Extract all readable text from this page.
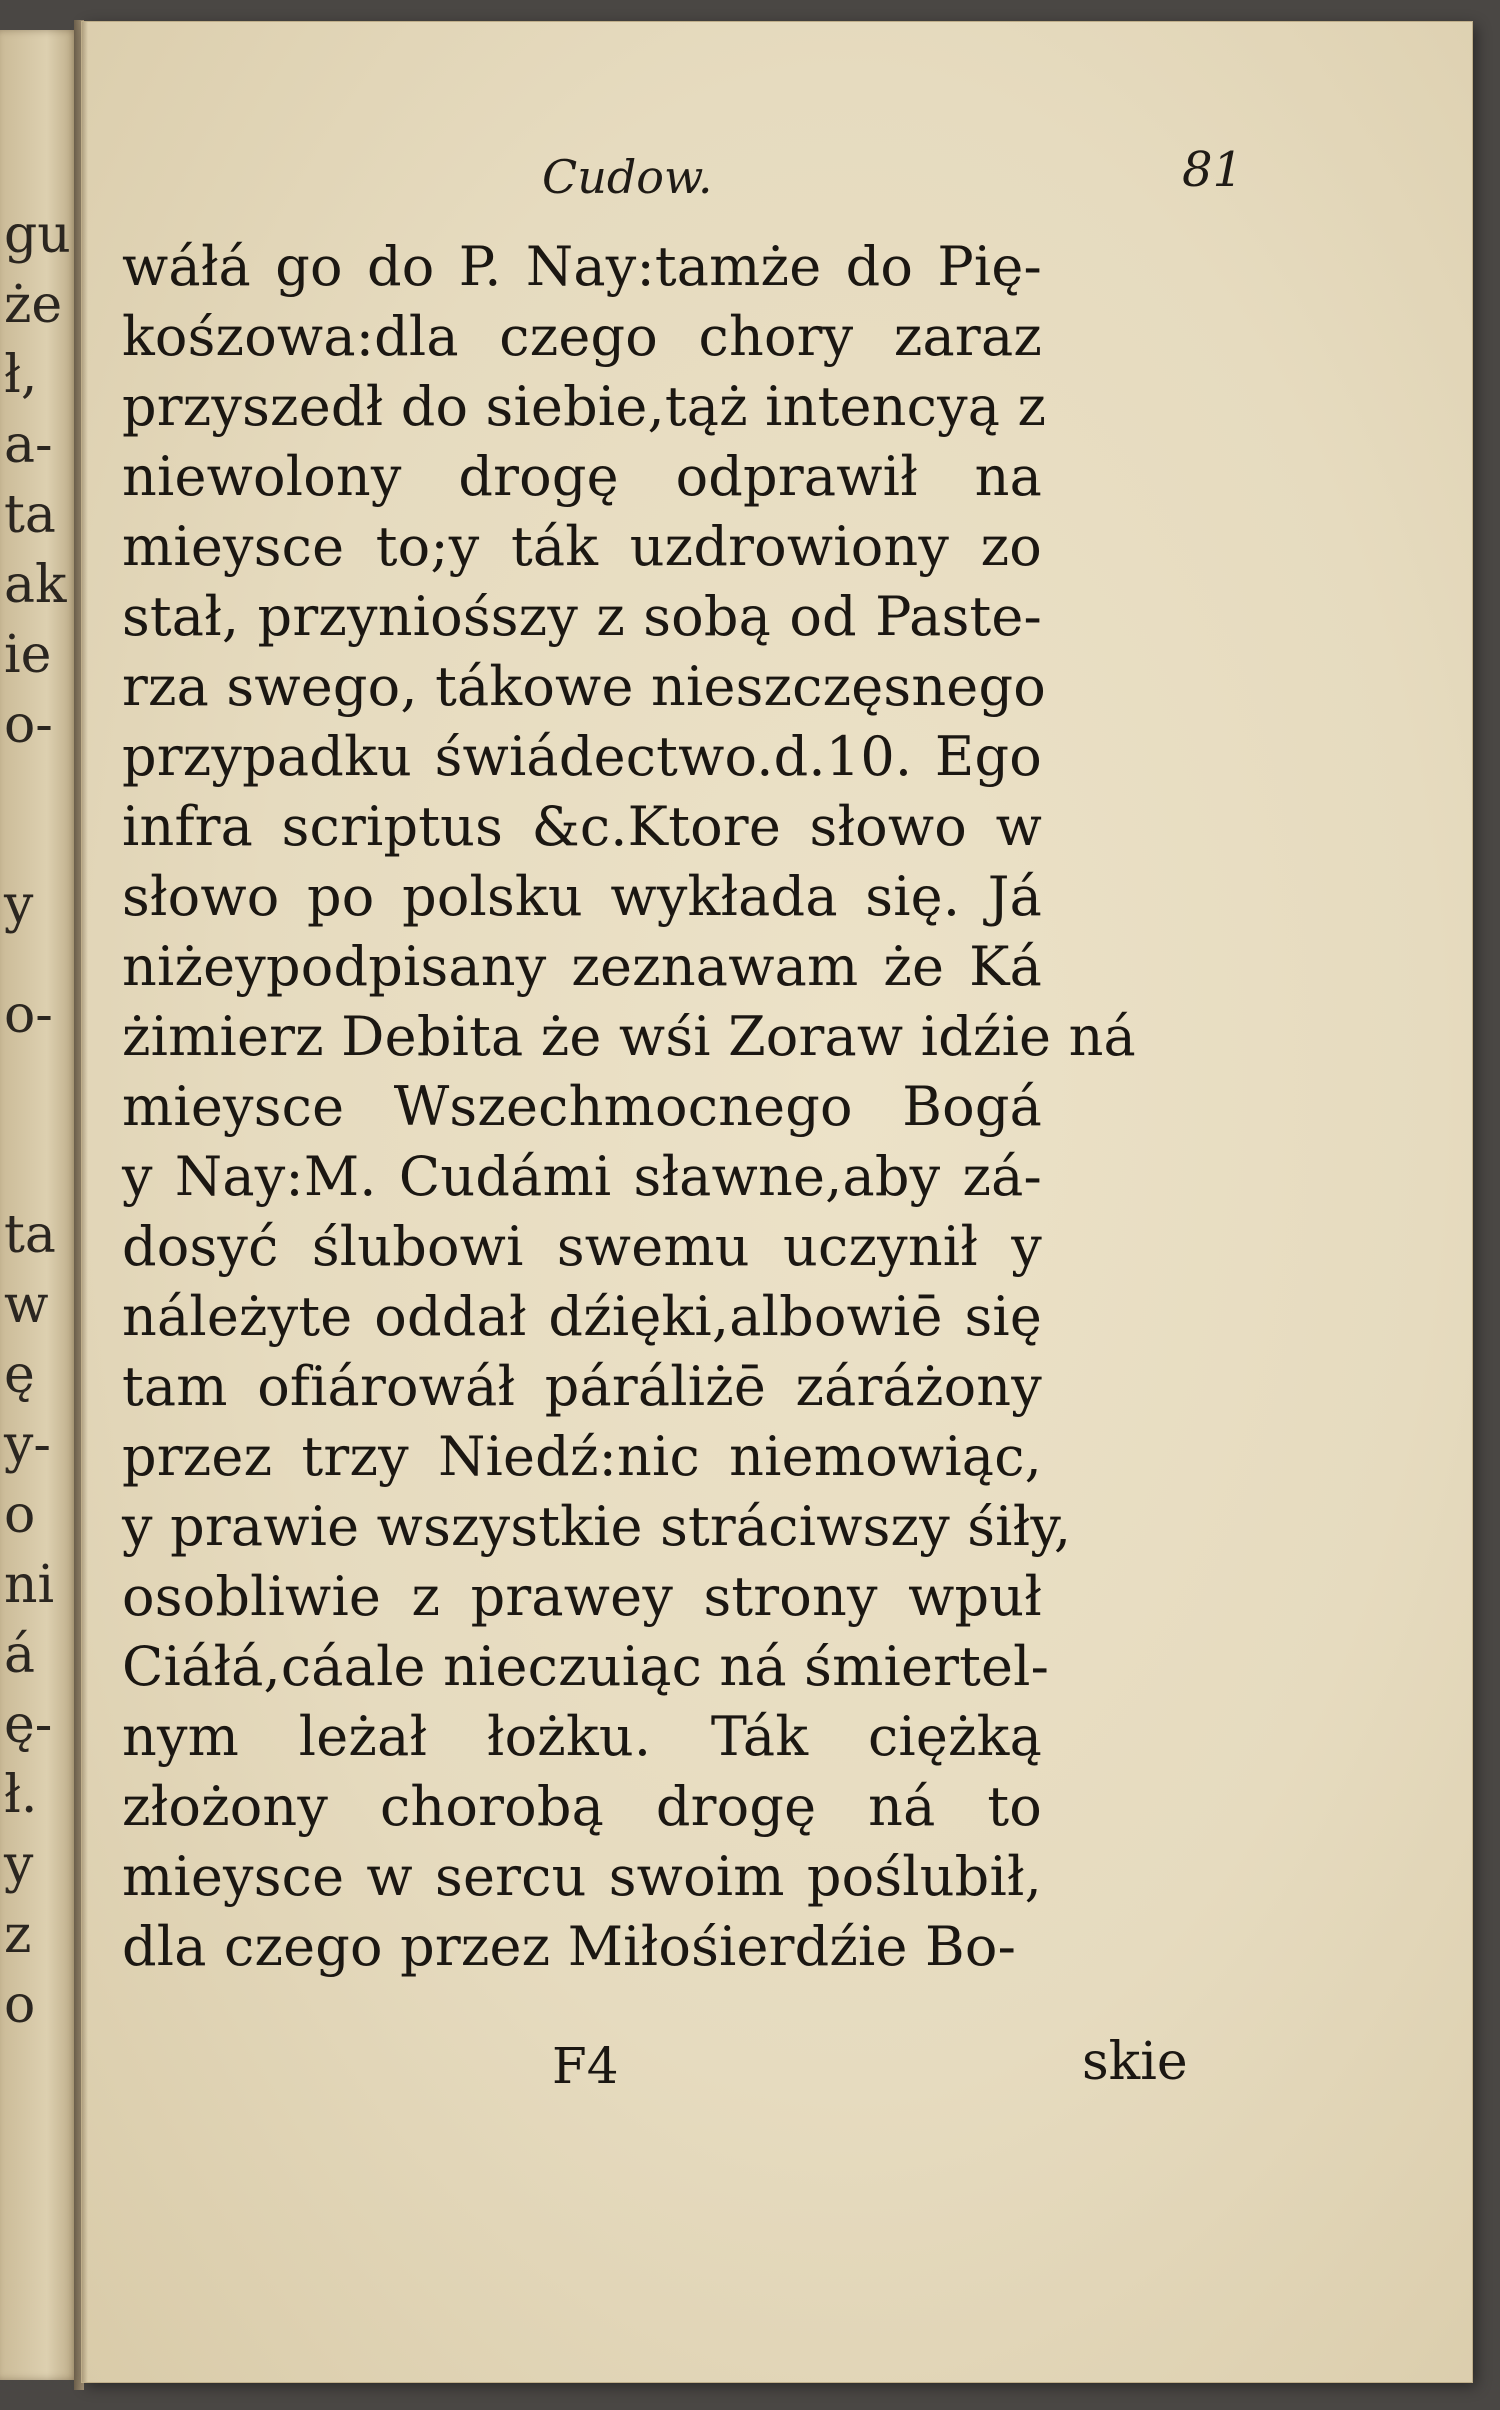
gu
że
ł,
a-
ta
ak
ie
o-
y
o-
ta
w
ę
y-
o
ni
á
ę-
ł.
y
z
o
Cudow.	81
wáłá go do P. Nay:tamże do Pię-
kośzowa:dla czego chory zaraz
przyszedł do siebie,tąż intencyą z
niewolony drogę odprawił na
mieysce to;y ták uzdrowiony zo
stał, przyniośszy z sobą od Paste-
rza swego, tákowe nieszczęsnego
przypadku świádectwo.d.10. Ego
infra scriptus &c.Ktore słowo w
słowo po polsku wykłada się. Já
niżeypodpisany zeznawam że Ká
żimierz Debita że wśi Zoraw idźie ná
mieysce Wszechmocnego Bogá
y Nay:M. Cudámi sławne,aby zá-
dosyć ślubowi swemu uczynił y
náleżyte oddał dźięki,albowiē się
tam ofiárowáł páráliżē záráżony
przez trzy Niedź:nic niemowiąc,
y prawie wszystkie stráciwszy śiły,
osobliwie z prawey strony wpuł
Ciáłá,cáale nieczuiąc ná śmiertel-
nym leżał łożku. Ták ciężką
złożony chorobą drogę ná to
mieysce w sercu swoim poślubił,
dla czego przez Miłośierdźie Bo-
F4	skie
